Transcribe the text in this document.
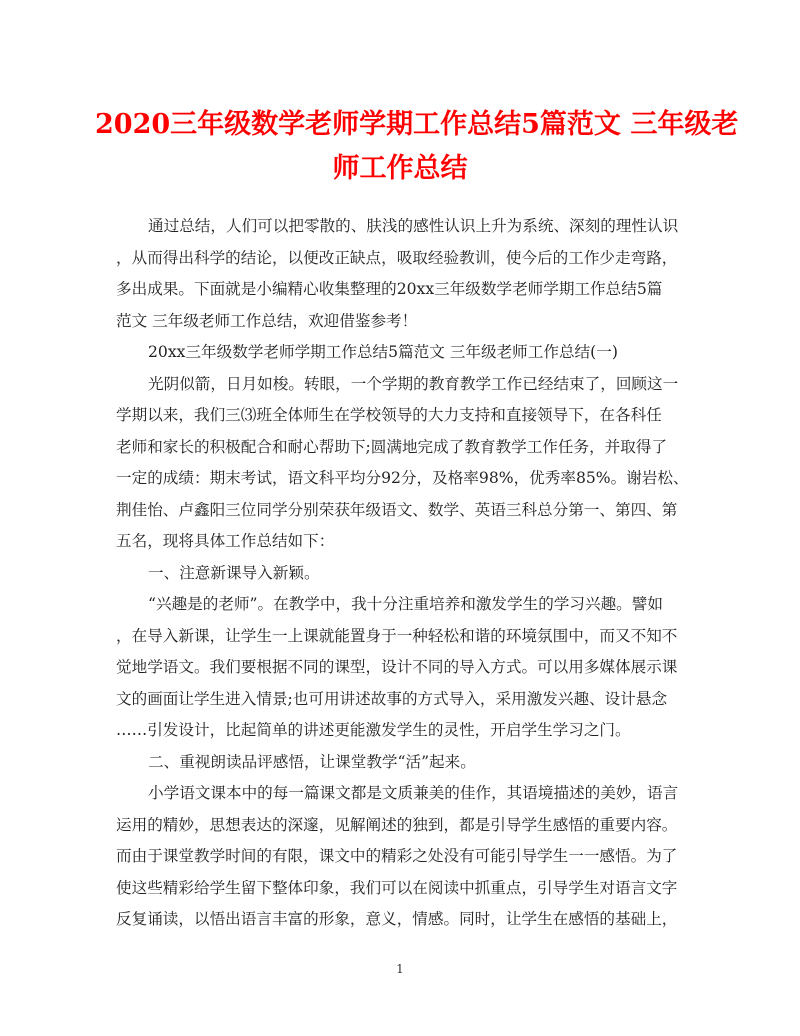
2020三年级数学老师学期工作总结5篇范文 三年级老
师工作总结
通过总结，人们可以把零散的、肤浅的感性认识上升为系统、深刻的理性认识
，从而得出科学的结论，以便改正缺点，吸取经验教训，使今后的工作少走弯路，
多出成果。下面就是小编精心收集整理的20xx三年级数学老师学期工作总结5篇
范文 三年级老师工作总结，欢迎借鉴参考！
20xx三年级数学老师学期工作总结5篇范文 三年级老师工作总结(一)
光阴似箭，日月如梭。转眼，一个学期的教育教学工作已经结束了，回顾这一
学期以来，我们三⑶班全体师生在学校领导的大力支持和直接领导下，在各科任
老师和家长的积极配合和耐心帮助下;圆满地完成了教育教学工作任务，并取得了
一定的成绩：期末考试，语文科平均分92分，及格率98%，优秀率85%。谢岩松、
荆佳怡、卢鑫阳三位同学分别荣获年级语文、数学、英语三科总分第一、第四、第
五名，现将具体工作总结如下：
一、注意新课导入新颖。
“兴趣是的老师”。在教学中，我十分注重培养和激发学生的学习兴趣。譬如
，在导入新课，让学生一上课就能置身于一种轻松和谐的环境氛围中，而又不知不
觉地学语文。我们要根据不同的课型，设计不同的导入方式。可以用多媒体展示课
文的画面让学生进入情景;也可用讲述故事的方式导入，采用激发兴趣、设计悬念
……引发设计，比起简单的讲述更能激发学生的灵性，开启学生学习之门。
二、重视朗读品评感悟，让课堂教学“活”起来。
小学语文课本中的每一篇课文都是文质兼美的佳作，其语境描述的美妙，语言
运用的精妙，思想表达的深邃，见解阐述的独到，都是引导学生感悟的重要内容。
而由于课堂教学时间的有限，课文中的精彩之处没有可能引导学生一一感悟。为了
使这些精彩给学生留下整体印象，我们可以在阅读中抓重点，引导学生对语言文字
反复诵读，以悟出语言丰富的形象，意义，情感。同时，让学生在感悟的基础上，
1
